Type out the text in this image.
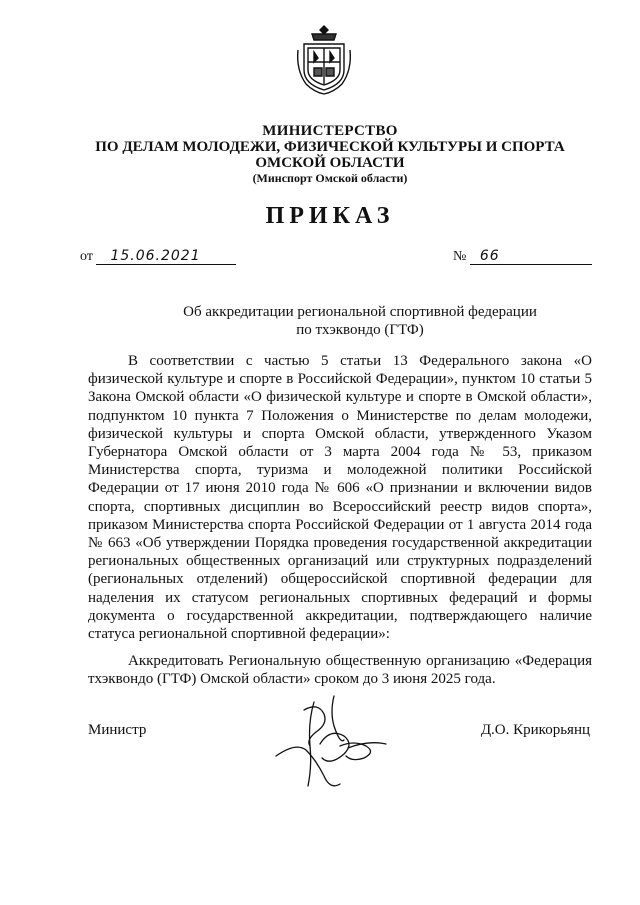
МИНИСТЕРСТВО
ПО ДЕЛАМ МОЛОДЕЖИ, ФИЗИЧЕСКОЙ КУЛЬТУРЫ И СПОРТА
ОМСКОЙ ОБЛАСТИ
(Минспорт Омской области)
ПРИКАЗ
от 15.06.2021	№ 66
Об аккредитации региональной спортивной федерации
по тхэквондо (ГТФ)

В соответствии с частью 5 статьи 13 Федерального закона «О физической культуре и спорте в Российской Федерации», пунктом 10 статьи 5 Закона Омской области «О физической культуре и спорте в Омской области», подпунктом 10 пункта 7 Положения о Министерстве по делам молодежи, физической культуры и спорта Омской области, утвержденного Указом Губернатора Омской области от 3 марта 2004 года № 53, приказом Министерства спорта, туризма и молодежной политики Российской Федерации от 17 июня 2010 года № 606 «О признании и включении видов спорта, спортивных дисциплин во Всероссийский реестр видов спорта», приказом Министерства спорта Российской Федерации от 1 августа 2014 года № 663 «Об утверждении Порядка проведения государственной аккредитации региональных общественных организаций или структурных подразделений (региональных отделений) общероссийской спортивной федерации для наделения их статусом региональных спортивных федераций и формы документа о государственной аккредитации, подтверждающего наличие статуса региональной спортивной федерации»:

Аккредитовать Региональную общественную организацию «Федерация тхэквондо (ГТФ) Омской области» сроком до 3 июня 2025 года.

Министр	Д.О. Крикорьянц
